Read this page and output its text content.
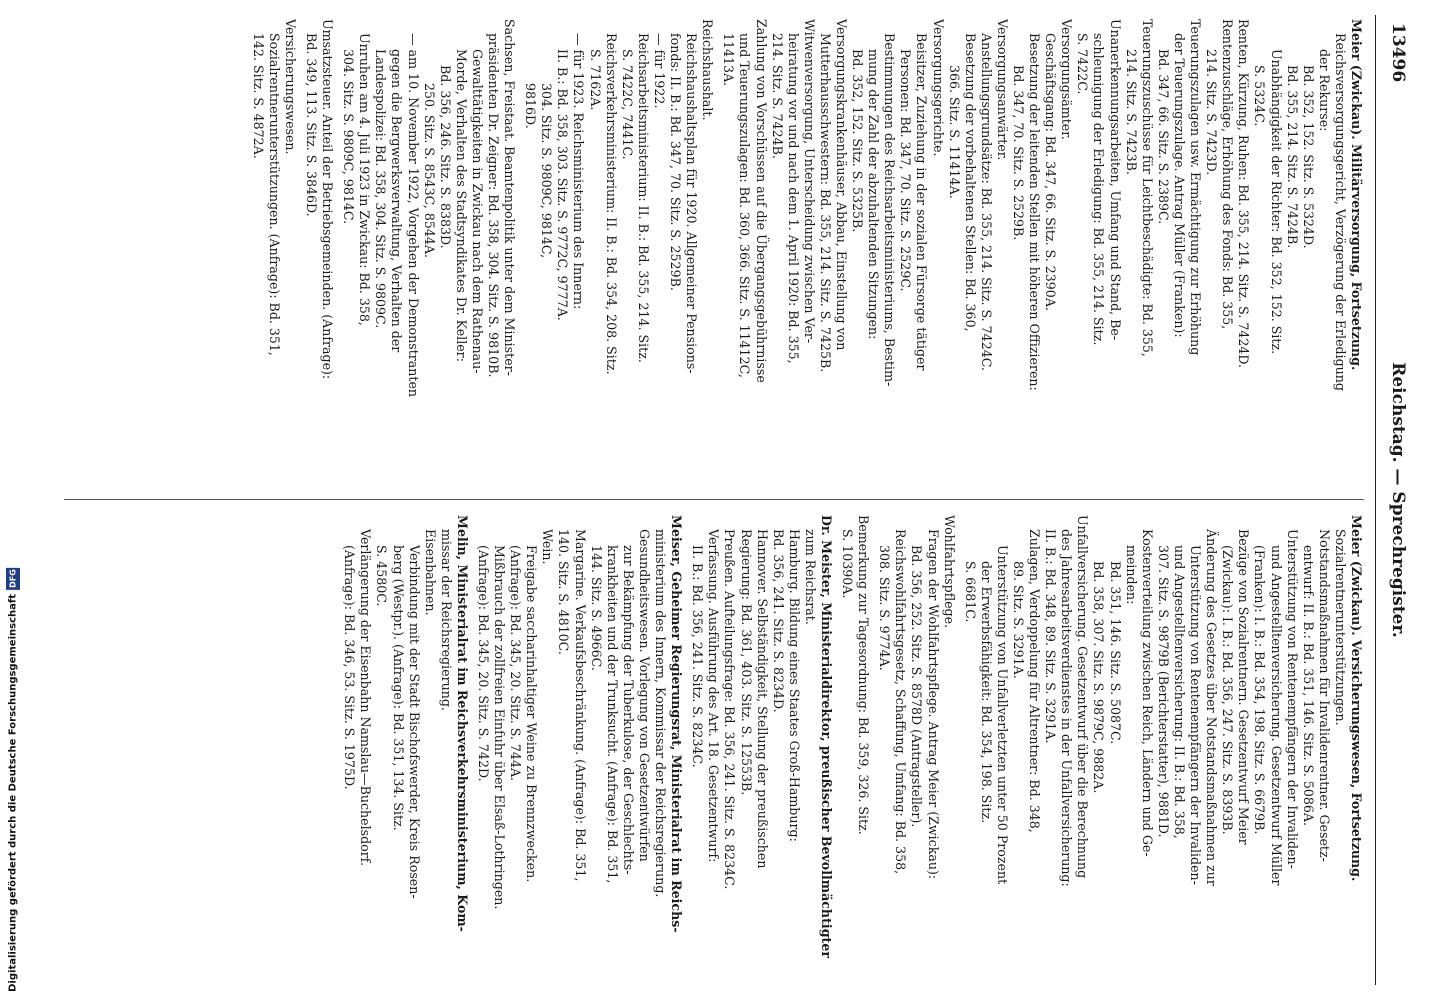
13496
Reichstag. — Sprechregister.
Meier (Zwickau). Militärversorgung, Fortsetzung.
Reichsversorgungsgericht, Verzögerung der Erledigung
der Rekurse:
Bd. 352, 152. Sitz. S. 5324D.
Bd. 355, 214. Sitz. S. 7424B.
Unabhängigkeit der Richter: Bd. 352, 152. Sitz.
S. 5324C.
Renten, Kürzung, Ruhen: Bd. 355, 214. Sitz. S. 7424D.
Rentenzuschläge, Erhöhung des Fonds: Bd. 355,
214. Sitz. S. 7423D.
Teuerungszulagen usw. Ermächtigung zur Erhöhung
der Teuerungszulage. Antrag Müller (Franken):
Bd. 347, 66. Sitz. S. 2389C.
Teuerungszuschüsse für Leichtbeschädigte: Bd. 355,
214. Sitz. S. 7423B.
Unanerkennungsarbeiten, Umfang und Stand, Be-
schleunigung der Erledigung: Bd. 355, 214. Sitz.
S. 7422C.
Versorgungsämter.
Geschäftsgang: Bd. 347, 66. Sitz. S. 2390A.
Besetzung der leitenden Stellen mit höheren Offizieren:
Bd. 347, 70. Sitz. S. 2529B.
Versorgungsanwärter.
Anstellungsgrundsätze: Bd. 355, 214. Sitz. S. 7424C.
Besetzung der vorbehaltenen Stellen: Bd. 360,
366. Sitz. S. 11414A.
Versorgungsgerichte.
Beisitzer, Zuziehung in der sozialen Fürsorge tätiger
Personen: Bd. 347, 70. Sitz. S. 2529C.
Bestimmungen des Reichsarbeitsministeriums, Bestim-
mung der Zahl der abzuhaltenden Sitzungen:
Bd. 352, 152. Sitz. S. 5325B.
Versorgungskrankenhäuser, Abbau, Einstellung von
Mutterhausschwestern: Bd. 355, 214. Sitz. S. 7425B.
Witwenversorgung, Unterscheidung zwischen Ver-
heiratung vor und nach dem 1. April 1920: Bd. 355,
214. Sitz. S. 7424B.
Zahlung von Vorschüssen auf die Übergangsgebührnisse
und Teuerungszulagen: Bd. 360, 366. Sitz. S. 11412C,
11413A.
Reichshaushalt.
Reichshaushaltsplan für 1920. Allgemeiner Pensions-
fonds: II. B.: Bd. 347, 70. Sitz. S. 2529B.
— für 1922.
Reichsarbeitsministerium: II. B.: Bd. 355, 214. Sitz.
S. 7422C, 7441C.
Reichsverkehrsministerium: II. B.: Bd. 354, 208. Sitz.
S. 7162A.
— für 1923. Reichsministerium des Innern:
II. B.: Bd. 358, 303. Sitz. S. 9772C, 9777A.
304. Sitz. S. 9809C, 9814C,
9816D.
Sachsen, Freistaat. Beamtenpolitik unter dem Minister-
präsidenten Dr. Zeigner: Bd. 358, 304. Sitz. S. 9810B.
Gewalttätigkeiten in Zwickau nach dem Rathenau-
Morde, Verhalten des Stadtsyndikates Dr. Keller:
Bd. 356, 246. Sitz. S. 8383D.
250. Sitz. S. 8543C, 8544A.
— am 10. November 1922, Vorgehen der Demonstranten
gegen die Bergwerksverwaltung, Verhalten der
Landespolizei: Bd. 358, 304. Sitz. S. 9809C.
Unruhen am 4. Juli 1923 in Zwickau: Bd. 358,
304. Sitz. S. 9809C, 9814C.
Umsatzsteuer. Anteil der Betriebsgemeinden. (Anfrage):
Bd. 349, 113. Sitz. S. 3846D.
Versicherungswesen.
Sozialrentnerunterstützungen. (Anfrage): Bd. 351,
142. Sitz. S. 4872A.
Meier (Zwickau). Versicherungswesen, Fortsetzung.
Sozialrentnerunterstützungen.
Notstandsmaßnahmen für Invalidenrentner. Gesetz-
entwurf: II. B.: Bd. 351, 146. Sitz. S. 5086A.
Unterstützung von Rentenempfängern der Invaliden-
und Angestelltenversicherung. Gesetzentwurf Müller
(Franken): I. B.: Bd. 354, 198. Sitz. S. 6679B.
Bezüge von Sozialrentnern. Gesetzentwurf Meier
(Zwickau): I. B.: Bd. 356, 247. Sitz. S. 8393B.
Änderung des Gesetzes über Notstandsmaßnahmen zur
Unterstützung von Rentenempfängern der Invaliden-
und Angestelltenversicherung: II. B.: Bd. 358,
307. Sitz. S. 9879B (Berichterstatter), 9881D.
Kostenverteilung zwischen Reich, Ländern und Ge-
meinden:
Bd. 351, 146. Sitz. S. 5087C.
Bd. 358, 307. Sitz. S. 9879C, 9882A.
Unfallversicherung. Gesetzentwurf über die Berechnung
des Jahresarbeitsverdienstes in der Unfallversicherung:
II. B.: Bd. 348, 89. Sitz. S. 3291A.
Zulagen, Verdoppelung für Altrentner: Bd. 348,
89. Sitz. S. 3291A.
Unterstützung von Unfallverletzten unter 50 Prozent
der Erwerbsfähigkeit: Bd. 354, 198. Sitz.
S. 6681C.
Wohlfahrtspflege.
Fragen der Wohlfahrtspflege. Antrag Meier (Zwickau):
Bd. 356, 252. Sitz. S. 8578D (Antragsteller).
Reichswohlfahrtsgesetz, Schaffung, Umfang: Bd. 358,
308. Sitz. S. 9774A.
Bemerkung zur Tagesordnung: Bd. 359, 326. Sitz.
S. 10390A.
Dr. Meister, Ministerialdirektor, preußischer Bevollmächtigter
zum Reichsrat.
Hamburg. Bildung eines Staates Groß-Hamburg:
Bd. 356, 241. Sitz. S. 8234D.
Hannover. Selbständigkeit, Stellung der preußischen
Regierung: Bd. 361, 403. Sitz. S. 12553B.
Preußen. Aufteilungsfrage: Bd. 356, 241. Sitz. S. 8234C.
Verfassung. Ausführung des Art. 18. Gesetzentwurf:
II. B.: Bd. 356, 241. Sitz. S. 8234C.
Meiser, Geheimer Regierungsrat, Ministerialrat im Reichs-
ministerium des Innern, Kommissar der Reichsregierung.
Gesundheitswesen. Vorlegung von Gesetzentwürfen
zur Bekämpfung der Tuberkulose, der Geschlechts-
krankheiten und der Trunksucht. (Anfrage): Bd. 351,
144. Sitz. S. 4966C.
Margarine. Verkaufsbeschränkung. (Anfrage): Bd. 351,
140. Sitz. S. 4810C.
Wein.
Freigabe saccharinhaltiger Weine zu Brennzwecken.
(Anfrage): Bd. 345, 20. Sitz. S. 744A.
Mißbrauch der zollfreien Einfuhr über Elsaß-Lothringen.
(Anfrage): Bd. 345, 20. Sitz. S. 742D.
Melin, Ministerialrat im Reichsverkehrsministerium, Kom-
missar der Reichsregierung.
Eisenbahnen.
Verbindung mit der Stadt Bischofswerder, Kreis Rosen-
berg (Westpr.). (Anfrage): Bd. 351, 134. Sitz.
S. 4580C.
Verlängerung der Eisenbahn Namslau—Buchelsdorf.
(Anfrage): Bd. 346, 53. Sitz. S. 1975D.
Digitalisierung gefördert durch die Deutsche Forschungsgemeinschaft
DFG
